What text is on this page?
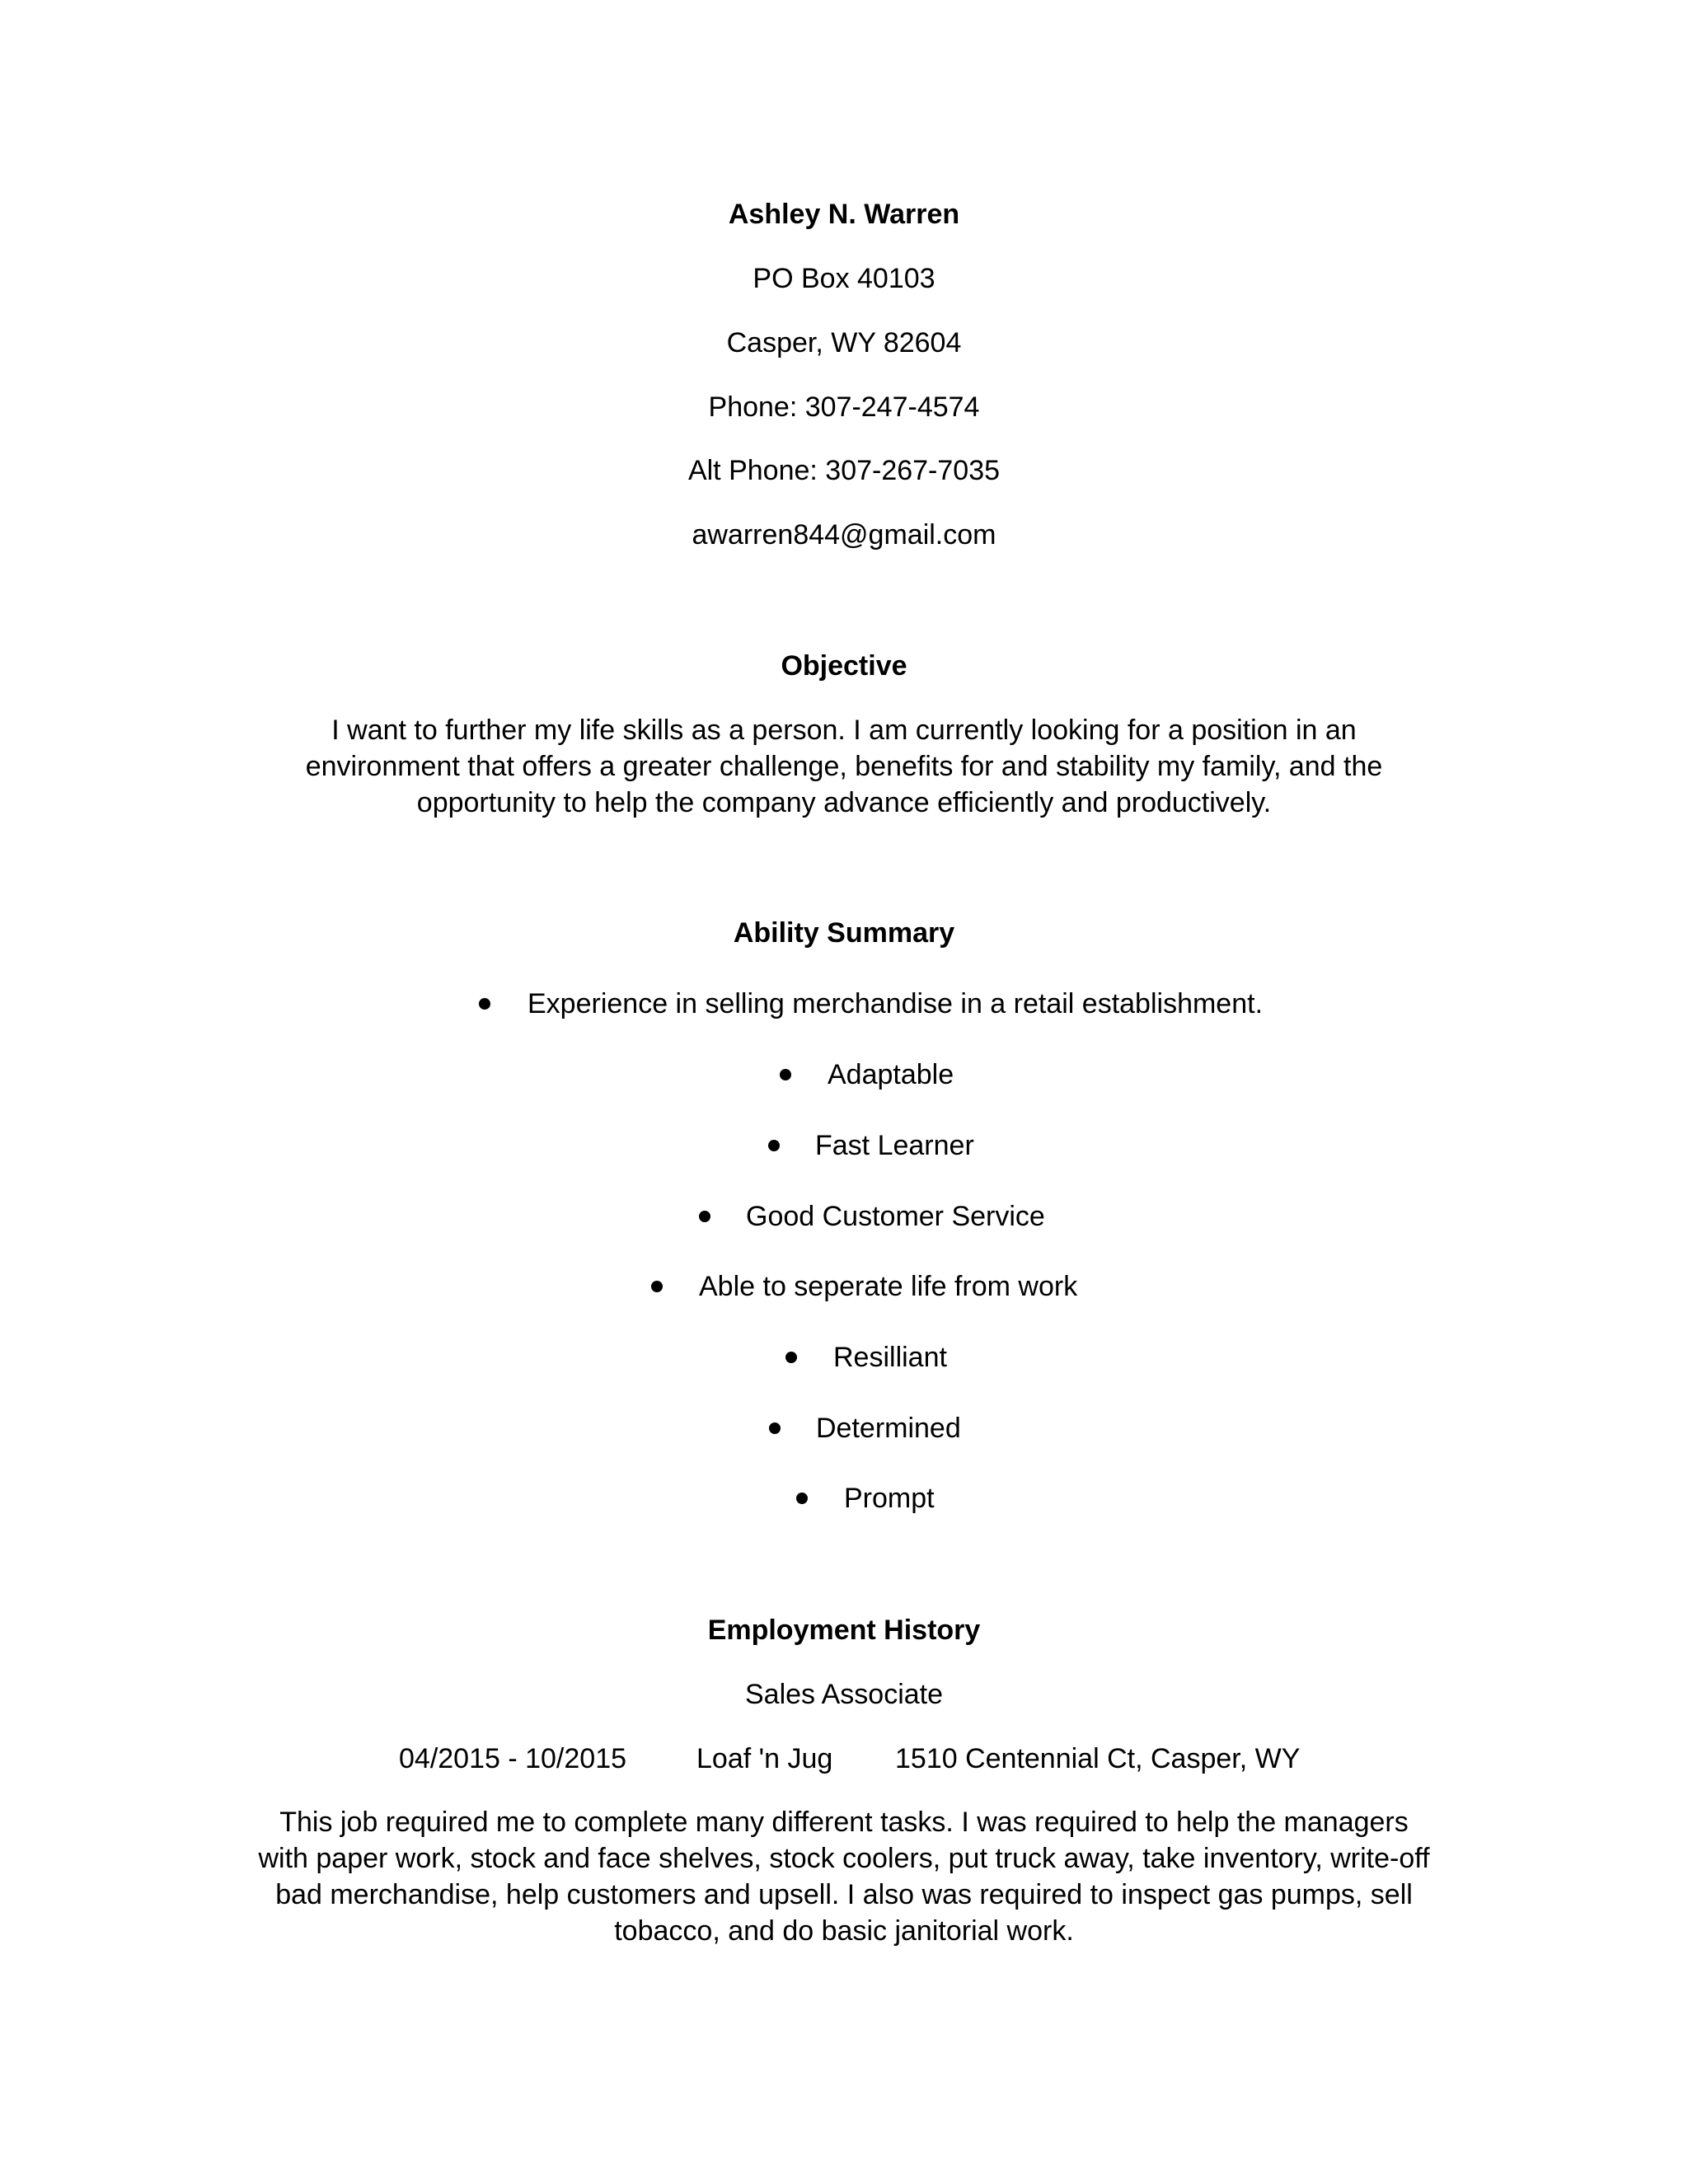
Ashley N. Warren
PO Box 40103
Casper, WY 82604
Phone: 307-247-4574
Alt Phone: 307-267-7035
awarren844@gmail.com
Objective
I want to further my life skills as a person. I am currently looking for a position in an
environment that offers a greater challenge, benefits for and stability my family, and the
opportunity to help the company advance efficiently and productively.
Ability Summary
Experience in selling merchandise in a retail establishment.
Adaptable
Fast Learner
Good Customer Service
Able to seperate life from work
Resilliant
Determined
Prompt
Employment History
Sales Associate
04/2015 - 10/2015 Loaf 'n Jug 1510 Centennial Ct, Casper, WY
This job required me to complete many different tasks. I was required to help the managers
with paper work, stock and face shelves, stock coolers, put truck away, take inventory, write-off
bad merchandise, help customers and upsell. I also was required to inspect gas pumps, sell
tobacco, and do basic janitorial work.
